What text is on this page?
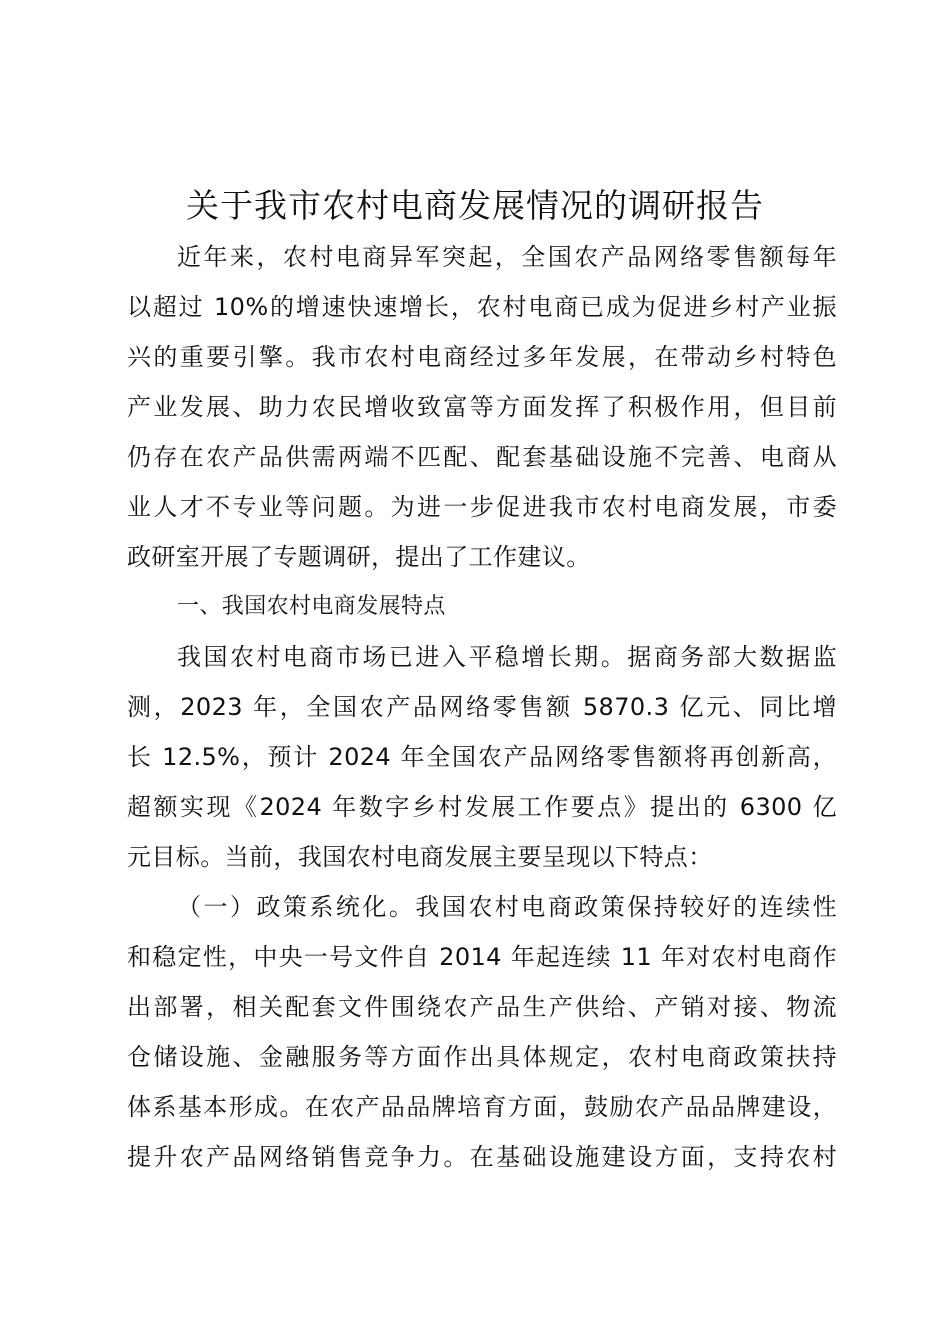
关于我市农村电商发展情况的调研报告
近年来，农村电商异军突起，全国农产品网络零售额每年
以超过 10%的增速快速增长，农村电商已成为促进乡村产业振
兴的重要引擎。我市农村电商经过多年发展，在带动乡村特色
产业发展、助力农民增收致富等方面发挥了积极作用，但目前
仍存在农产品供需两端不匹配、配套基础设施不完善、电商从
业人才不专业等问题。为进一步促进我市农村电商发展，市委
政研室开展了专题调研，提出了工作建议。
一、我国农村电商发展特点
我国农村电商市场已进入平稳增长期。据商务部大数据监
测，2023 年，全国农产品网络零售额 5870.3 亿元、同比增
长 12.5%，预计 2024 年全国农产品网络零售额将再创新高，
超额实现《2024 年数字乡村发展工作要点》提出的 6300 亿
元目标。当前，我国农村电商发展主要呈现以下特点：
（一）政策系统化。我国农村电商政策保持较好的连续性
和稳定性，中央一号文件自 2014 年起连续 11 年对农村电商作
出部署，相关配套文件围绕农产品生产供给、产销对接、物流
仓储设施、金融服务等方面作出具体规定，农村电商政策扶持
体系基本形成。在农产品品牌培育方面，鼓励农产品品牌建设，
提升农产品网络销售竞争力。在基础设施建设方面，支持农村
